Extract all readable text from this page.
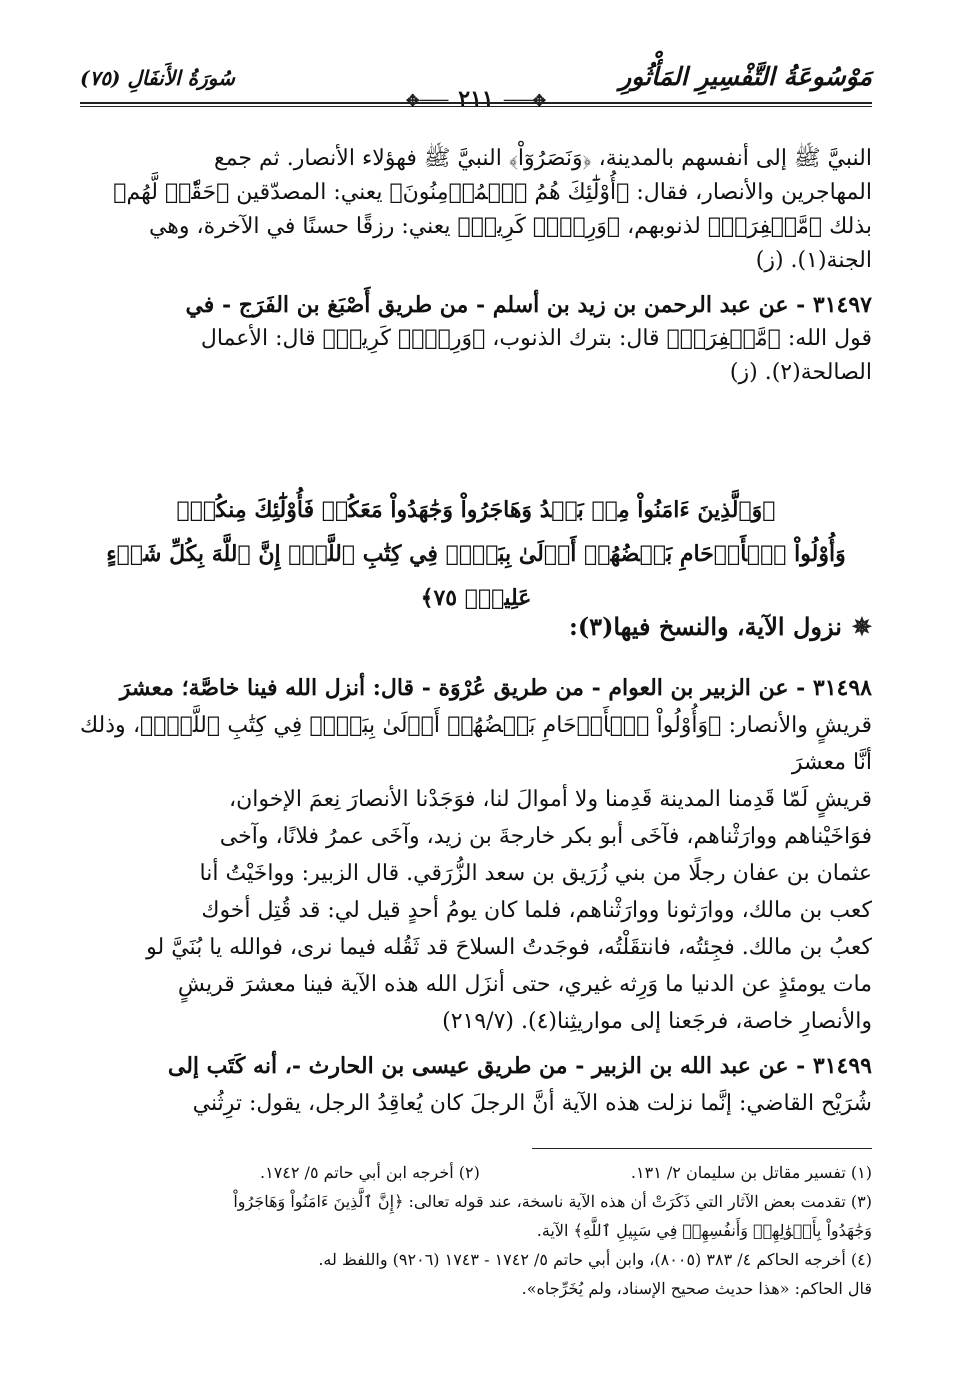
مَوْسُوعَةُ التَّفْسِيرِ المَأْثُورِ
سُورَةُ الأَنفَالِ (٧٥)
✥───٢١١───✥

النبيَّ ﷺ إلى أنفسهم بالمدينة، ﴿وَنَصَرُوٓاْ﴾ النبيَّ ﷺ فهؤلاء الأنصار. ثم جمع

المهاجرين والأنصار، فقال: ﴿أُوْلَٰٓئِكَ هُمُ ٱلۡمُؤۡمِنُونَ﴾ يعني: المصدّقين ﴿حَقّٗاۚ لَّهُم﴾

بذلك ﴿مَّغۡفِرَةٞ﴾ لذنوبهم، ﴿وَرِزۡقٞ كَرِيمٞ﴾ يعني: رزقًا حسنًا في الآخرة، وهي

الجنة(١). (ز)

٣١٤٩٧ - عن عبد الرحمن بن زيد بن أسلم - من طريق أَصْبَغ بن الفَرَج - في

قول الله: ﴿مَّغۡفِرَةٞ﴾ قال: بترك الذنوب، ﴿وَرِزۡقٞ كَرِيمٞ﴾ قال: الأعمال

الصالحة(٢). (ز)

﴿وَٱلَّذِينَ ءَامَنُواْ مِنۢ بَعۡدُ وَهَاجَرُواْ وَجَٰهَدُواْ مَعَكُمۡ فَأُوْلَٰٓئِكَ مِنكُمۡۚ

وَأُوْلُواْ ٱلۡأَرۡحَامِ بَعۡضُهُمۡ أَوۡلَىٰ بِبَعۡضٖ فِي كِتَٰبِ ٱللَّهِۚ إِنَّ ٱللَّهَ بِكُلِّ شَيۡءٍ عَلِيمُۢ ٧٥﴾

✵نزول الآية، والنسخ فيها(٣):

٣١٤٩٨ - عن الزبير بن العوام - من طريق عُرْوَة - قال: أنزل الله فينا خاصَّة؛ معشرَ

قريشٍ والأنصار: ﴿وَأُوْلُواْ ٱلۡأَرۡحَامِ بَعۡضُهُمۡ أَوۡلَىٰ بِبَعۡضٖ فِي كِتَٰبِ ٱللَّهِۚ﴾، وذلك أنَّا معشرَ

قريشٍ لَمّا قَدِمنا المدينة قَدِمنا ولا أموالَ لنا، فوَجَدْنا الأنصارَ نِعمَ الإخوان،

فوَاخَيْناهم ووارَثْناهم، فآخَى أبو بكر خارجةَ بن زيد، وآخَى عمرُ فلانًا، وآخى

عثمان بن عفان رجلًا من بني زُرَيق بن سعد الزُّرَقي. قال الزبير: وواخَيْتُ أنا

كعب بن مالك، ووارَثونا ووارَثْناهم، فلما كان يومُ أحدٍ قيل لي: قد قُتِل أخوك

كعبُ بن مالك. فجِئتُه، فانتقَلْتُه، فوجَدتُ السلاحَ قد ثَقُله فيما نرى، فوالله يا بُنَيَّ لو

مات يومئذٍ عن الدنيا ما وَرِثه غيري، حتى أنزَل الله هذه الآية فينا معشرَ قريشٍ

والأنصارِ خاصة، فرجَعنا إلى مواريثِنا(٤). (٢١٩/٧)

٣١٤٩٩ - عن عبد الله بن الزبير - من طريق عيسى بن الحارث -، أنه كَتَب إلى

شُرَيْح القاضي: إنَّما نزلت هذه الآية أنَّ الرجلَ كان يُعاقِدُ الرجل، يقول: ترِثُني

(١) تفسير مقاتل بن سليمان ٢/ ١٣١.
(٢) أخرجه ابن أبي حاتم ٥/ ١٧٤٢.

(٣) تقدمت بعض الآثار التي ذَكَرَتْ أن هذه الآية ناسخة، عند قوله تعالى: ﴿إِنَّ ٱلَّذِينَ ءَامَنُواْ وَهَاجَرُواْ

وَجَٰهَدُواْ بِأَمۡوَٰلِهِمۡ وَأَنفُسِهِمۡ فِي سَبِيلِ ٱللَّهِ﴾ الآية.

(٤) أخرجه الحاكم ٤/ ٣٨٣ (٨٠٠٥)، وابن أبي حاتم ٥/ ١٧٤٢ - ١٧٤٣ (٩٢٠٦) واللفظ له.

قال الحاكم: «هذا حديث صحيح الإسناد، ولم يُخَرِّجاه».
